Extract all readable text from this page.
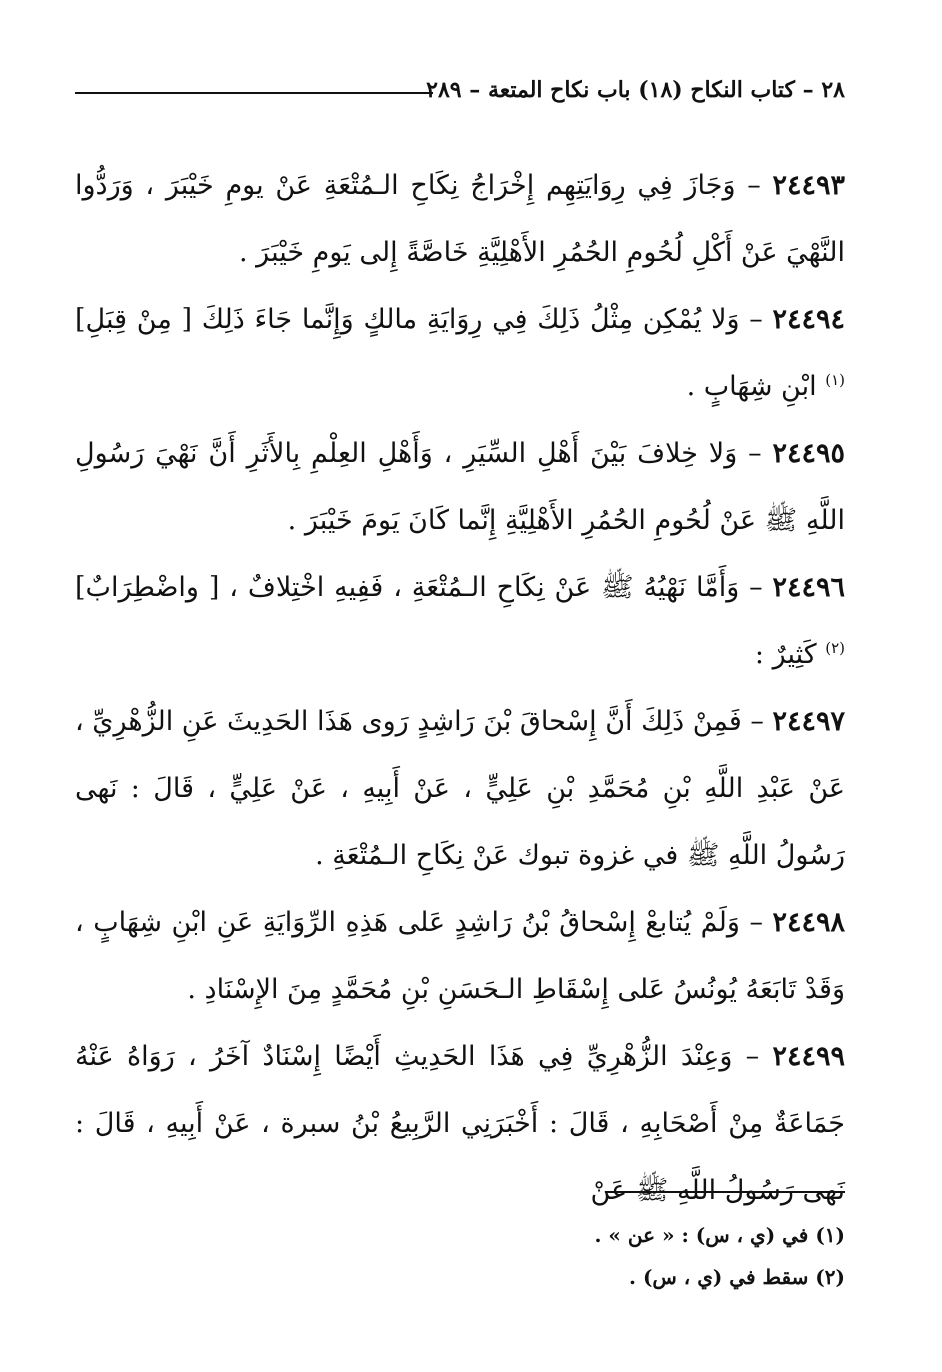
٢٨ – كتاب النكاح (١٨) باب نكاح المتعة – ٢٨٩

٢٤٤٩٣ – وَجَازَ فِي رِوَايَتِهِم إِخْرَاجُ نِكَاحِ الـمُتْعَةِ عَنْ يومِ خَيْبَرَ ، وَرَدُّوا النَّهْيَ عَنْ أَكْلِ لُحُومِ الحُمُرِ الأَهْلِيَّةِ خَاصَّةً إِلى يَومِ خَيْبَرَ .

٢٤٤٩٤ – وَلا يُمْكِن مِثْلُ ذَلِكَ فِي رِوَايَةِ مالكٍ وَإِنَّما جَاءَ ذَلِكَ [ مِنْ قِبَلِ]$^{(١)}$ ابْنِ شِهَابٍ .

٢٤٤٩٥ – وَلا خِلافَ بَيْنَ أَهْلِ السِّيَرِ ، وَأَهْلِ العِلْمِ بِالأَثَرِ أَنَّ نَهْيَ رَسُولِ اللَّهِ ﷺ عَنْ لُحُومِ الحُمُرِ الأَهْلِيَّةِ إِنَّما كَانَ يَومَ خَيْبَرَ .

٢٤٤٩٦ – وَأَمَّا نَهْيُهُ ﷺ عَنْ نِكَاحِ الـمُتْعَةِ ، فَفِيهِ اخْتِلافٌ ، [ واضْطِرَابٌ]$^{(٢)}$ كَثِيرٌ :

٢٤٤٩٧ – فَمِنْ ذَلِكَ أَنَّ إِسْحاقَ بْنَ رَاشِدٍ رَوى هَذَا الحَدِيثَ عَنِ الزُّهْرِيِّ ، عَنْ عَبْدِ اللَّهِ بْنِ مُحَمَّدِ بْنِ عَلِيٍّ ، عَنْ أَبِيهِ ، عَنْ عَلِيٍّ ، قَالَ : نَهى رَسُولُ اللَّهِ ﷺ في غزوة تبوك عَنْ نِكَاحِ الـمُتْعَةِ .

٢٤٤٩٨ – وَلَمْ يُتابعْ إِسْحاقُ بْنُ رَاشِدٍ عَلى هَذِهِ الرِّوَايَةِ عَنِ ابْنِ شِهَابٍ ، وَقَدْ تَابَعَهُ يُونُسُ عَلى إِسْقَاطِ الـحَسَنِ بْنِ مُحَمَّدٍ مِنَ الإِسْنَادِ .

٢٤٤٩٩ – وَعِنْدَ الزُّهْرِيِّ فِي هَذَا الحَدِيثِ أَيْضًا إِسْنَادٌ آخَرُ ، رَوَاهُ عَنْهُ جَمَاعَةٌ مِنْ أَصْحَابِهِ ، قَالَ : أَخْبَرَنِي الرَّبِيعُ بْنُ سبرة ، عَنْ أَبِيهِ ، قَالَ : نَهى رَسُولُ اللَّهِ ﷺ عَنْ

(١) في (ي ، س) : « عن » .

(٢) سقط في (ي ، س) .
